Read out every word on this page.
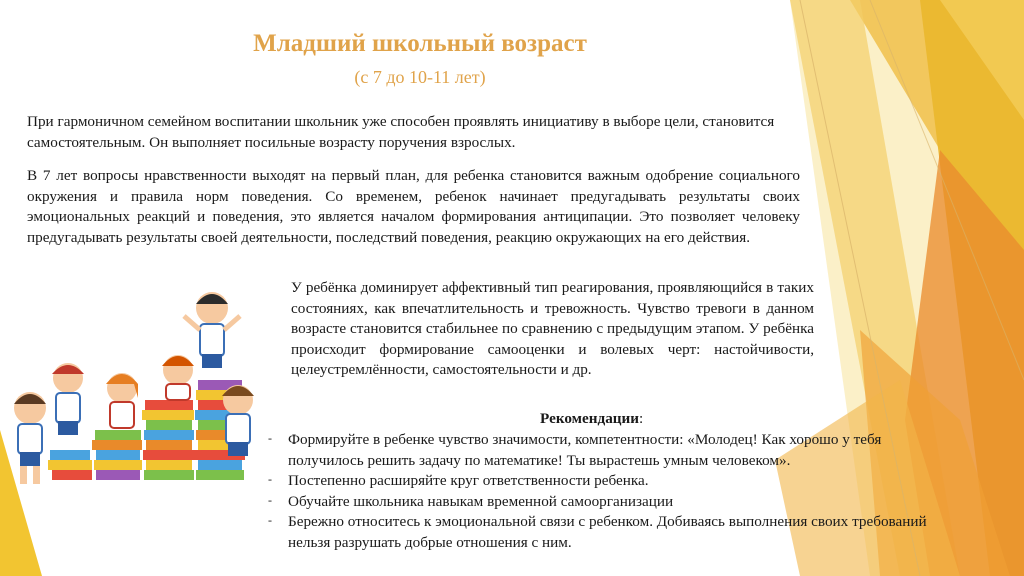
Младший школьный возраст

(с 7 до 10-11 лет)

При гармоничном семейном воспитании школьник уже способен проявлять инициативу в выборе цели, становится самостоятельным. Он выполняет посильные возрасту поручения взрослых.

В 7 лет вопросы нравственности выходят на первый план, для ребенка становится важным одобрение социального окружения и правила норм поведения. Со временем, ребенок начинает предугадывать результаты своих эмоциональных реакций и поведения, это является началом формирования антиципации. Это позволяет человеку предугадывать результаты своей деятельности, последствий поведения, реакцию окружающих на его действия.

У ребёнка доминирует аффективный тип реагирования, проявляющийся в таких состояниях, как впечатлительность и тревожность. Чувство тревоги в данном возрасте становится стабильнее по сравнению с предыдущим этапом. У ребёнка происходит формирование самооценки и волевых черт: настойчивости, целеустремлённости, самостоятельности и др.

Рекомендации:

- Формируйте в ребенке чувство значимости, компетентности: «Молодец! Как хорошо у тебя получилось решить задачу по математике! Ты вырастешь умным человеком».
- Постепенно расширяйте круг ответственности ребенка.
- Обучайте школьника навыкам временной самоорганизации
- Бережно относитесь к эмоциональной связи с ребенком. Добиваясь выполнения своих требований нельзя разрушать добрые отношения с ним.
